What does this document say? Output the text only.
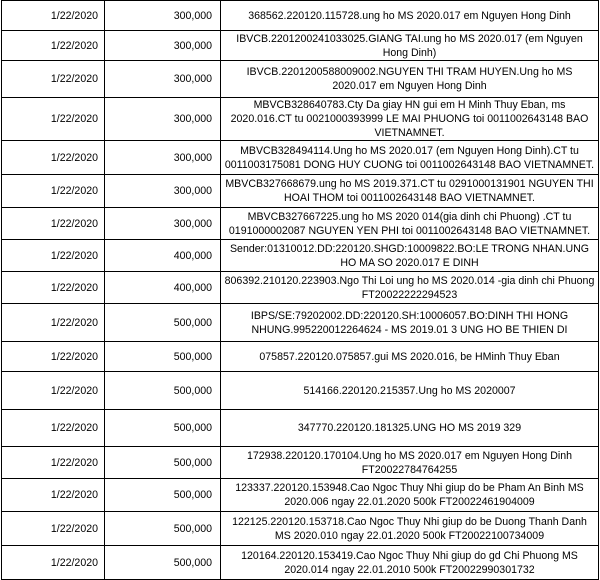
1/22/2020	300,000	368562.220120.115728.ung ho MS 2020.017 em Nguyen Hong Dinh
1/22/2020	300,000	IBVCB.2201200241033025.GIANG TAI.ung ho MS 2020.017 (em Nguyen Hong Dinh)
1/22/2020	300,000	IBVCB.2201200588009002.NGUYEN THI TRAM HUYEN.Ung ho MS 2020.017 em Nguyen Hong Dinh
1/22/2020	300,000	MBVCB328640783.Cty Da giay HN gui em H Minh Thuy Eban, ms 2020.016.CT tu 0021000393999 LE MAI PHUONG toi 0011002643148 BAO VIETNAMNET.
1/22/2020	300,000	MBVCB328494114.Ung ho MS 2020.017 (em Nguyen Hong Dinh).CT tu 0011003175081 DONG HUY CUONG toi 0011002643148 BAO VIETNAMNET.
1/22/2020	300,000	MBVCB327668679.ung ho MS 2019.371.CT tu 0291000131901 NGUYEN THI HOAI THOM toi 0011002643148 BAO VIETNAMNET.
1/22/2020	300,000	MBVCB327667225.ung ho MS 2020 014(gia dinh chi Phuong) .CT tu 0191000002087 NGUYEN YEN PHI toi 0011002643148 BAO VIETNAMNET.
1/22/2020	400,000	Sender:01310012.DD:220120.SHGD:10009822.BO:LE TRONG NHAN.UNG HO MA SO 2020.017 E DINH
1/22/2020	400,000	806392.210120.223903.Ngo Thi Loi ung ho MS 2020.014 -gia dinh chi Phuong FT20022222294523
1/22/2020	500,000	IBPS/SE:79202002.DD:220120.SH:10006057.BO:DINH THI HONG NHUNG.995220012264624 - MS 2019.01 3 UNG HO BE THIEN DI
1/22/2020	500,000	075857.220120.075857.gui MS 2020.016, be HMinh Thuy Eban
1/22/2020	500,000	514166.220120.215357.Ung ho MS 2020007
1/22/2020	500,000	347770.220120.181325.UNG HO MS 2019 329
1/22/2020	500,000	172938.220120.170104.Ung ho MS 2020.017 em Nguyen Hong Dinh FT20022784764255
1/22/2020	500,000	123337.220120.153948.Cao Ngoc Thuy Nhi giup do be Pham An Binh MS 2020.006 ngay 22.01.2020 500k FT20022461904009
1/22/2020	500,000	122125.220120.153718.Cao Ngoc Thuy Nhi giup do be Duong Thanh Danh MS 2020.010 ngay 22.01.2020 500k FT20022100734009
1/22/2020	500,000	120164.220120.153419.Cao Ngoc Thuy Nhi giup do gd Chi Phuong MS 2020.014 ngay 22.01.2010 500k FT20022990301732
